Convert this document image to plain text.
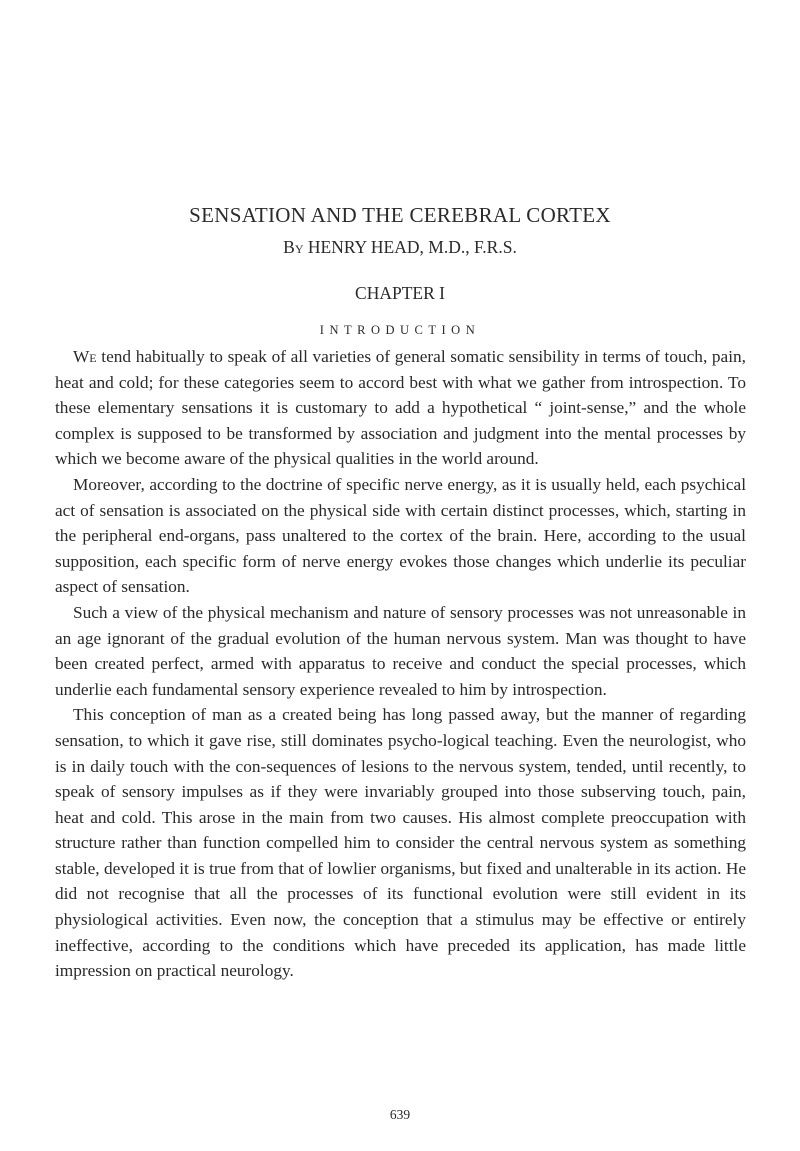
SENSATION AND THE CEREBRAL CORTEX

By HENRY HEAD, M.D., F.R.S.

CHAPTER I
INTRODUCTION

We tend habitually to speak of all varieties of general somatic sensibility in terms of touch, pain, heat and cold; for these categories seem to accord best with what we gather from introspection. To these elementary sensations it is customary to add a hypothetical “ joint-sense,” and the whole complex is supposed to be transformed by association and judgment into the mental processes by which we become aware of the physical qualities in the world around.

Moreover, according to the doctrine of specific nerve energy, as it is usually held, each psychical act of sensation is associated on the physical side with certain distinct processes, which, starting in the peripheral end-organs, pass unaltered to the cortex of the brain. Here, according to the usual supposition, each specific form of nerve energy evokes those changes which underlie its peculiar aspect of sensation.

Such a view of the physical mechanism and nature of sensory processes was not unreasonable in an age ignorant of the gradual evolution of the human nervous system. Man was thought to have been created perfect, armed with apparatus to receive and conduct the special processes, which underlie each fundamental sensory experience revealed to him by introspection.

This conception of man as a created being has long passed away, but the manner of regarding sensation, to which it gave rise, still dominates psycho-logical teaching. Even the neurologist, who is in daily touch with the con-sequences of lesions to the nervous system, tended, until recently, to speak of sensory impulses as if they were invariably grouped into those subserving touch, pain, heat and cold. This arose in the main from two causes. His almost complete preoccupation with structure rather than function compelled him to consider the central nervous system as something stable, developed it is true from that of lowlier organisms, but fixed and unalterable in its action. He did not recognise that all the processes of its functional evolution were still evident in its physiological activities. Even now, the conception that a stimulus may be effective or entirely ineffective, according to the conditions which have preceded its application, has made little impression on practical neurology.

639
